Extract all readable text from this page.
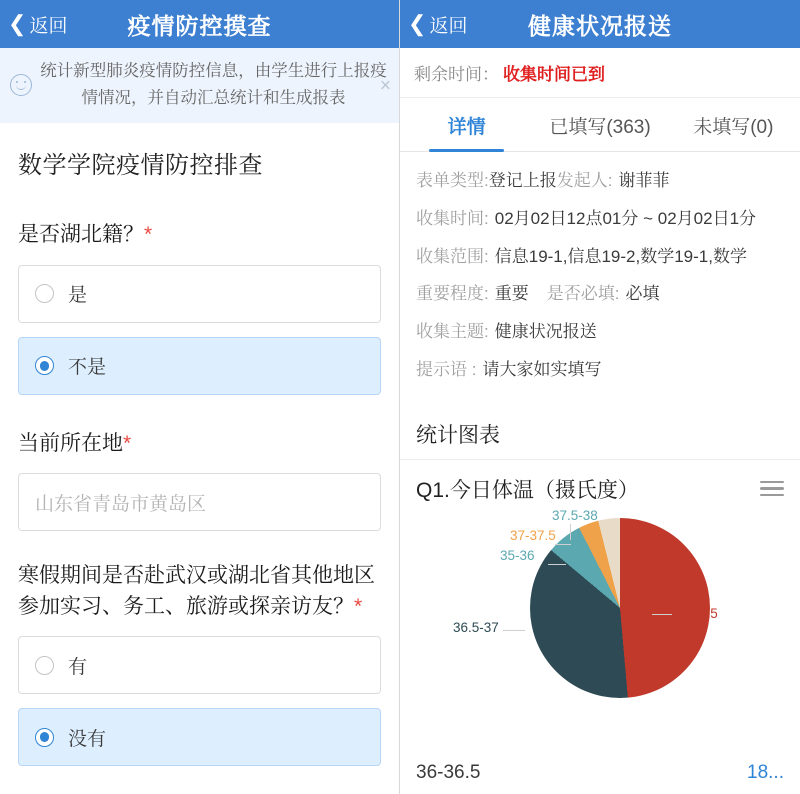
❮ 返回	疫情防控摸查
统计新型肺炎疫情防控信息，由学生进行上报疫情情况，并自动汇总统计和生成报表
×
数学学院疫情防控排查
是否湖北籍？*
是
不是
当前所在地*
山东省青岛市黄岛区
寒假期间是否赴武汉或湖北省其他地区参加实习、务工、旅游或探亲访友？*
有
没有
❮ 返回	健康状况报送
剩余时间： 收集时间已到
详情	已填写(363)	未填写(0)
表单类型: 登记上报 发起人: 谢菲菲
收集时间: 02月02日12点01分 ~ 02月02日1分
收集范围: 信息19-1,信息19-2,数学19-1,数学
重要程度: 重要 是否必填: 必填
收集主题: 健康状况报送
提示语 : 请大家如实填写
统计图表
Q1.今日体温（摄氏度）
37.5-38
37-37.5
35-36
36.5-37
36-36.5
36-36.5	18...
